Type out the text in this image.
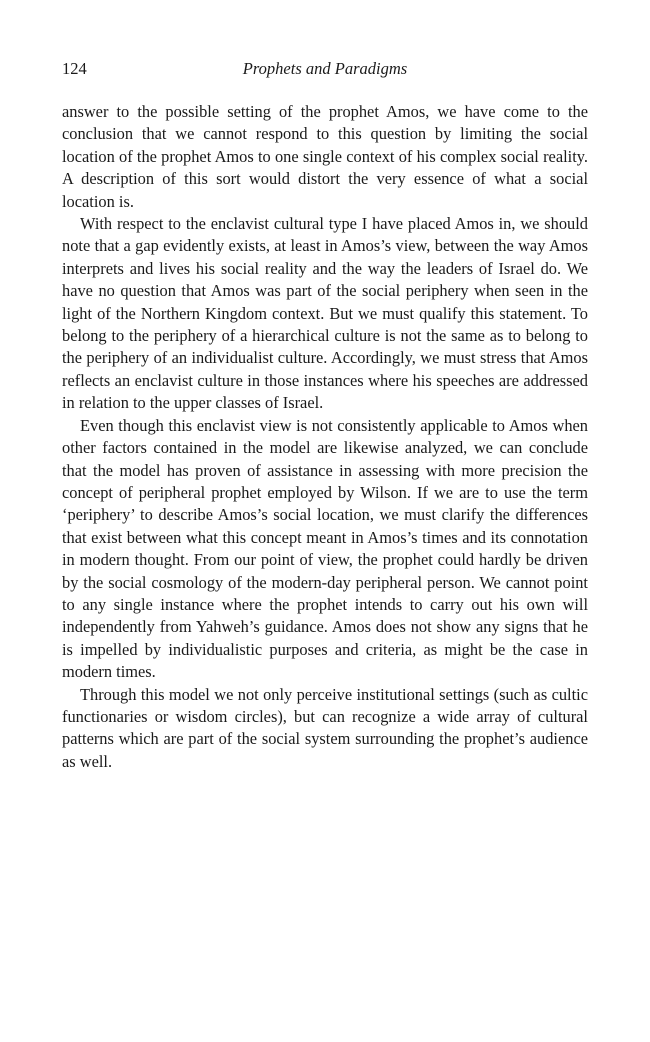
124	Prophets and Paradigms

answer to the possible setting of the prophet Amos, we have come to the conclusion that we cannot respond to this question by limiting the social location of the prophet Amos to one single context of his complex social reality. A description of this sort would distort the very essence of what a social location is.

With respect to the enclavist cultural type I have placed Amos in, we should note that a gap evidently exists, at least in Amos’s view, between the way Amos interprets and lives his social reality and the way the leaders of Israel do. We have no question that Amos was part of the social periphery when seen in the light of the Northern Kingdom context. But we must qualify this statement. To belong to the periphery of a hierarchical culture is not the same as to belong to the periphery of an individualist culture. Accordingly, we must stress that Amos reflects an enclavist culture in those instances where his speeches are addressed in relation to the upper classes of Israel.

Even though this enclavist view is not consistently applicable to Amos when other factors contained in the model are likewise analyzed, we can conclude that the model has proven of assistance in assessing with more precision the concept of peripheral prophet employed by Wilson. If we are to use the term ‘periphery’ to describe Amos’s social location, we must clarify the differences that exist between what this concept meant in Amos’s times and its connotation in modern thought. From our point of view, the prophet could hardly be driven by the social cosmology of the modern-day peripheral person. We cannot point to any single instance where the prophet intends to carry out his own will independently from Yahweh’s guidance. Amos does not show any signs that he is impelled by individualistic purposes and criteria, as might be the case in modern times.

Through this model we not only perceive institutional settings (such as cultic functionaries or wisdom circles), but can recognize a wide array of cultural patterns which are part of the social system surrounding the prophet’s audience as well.
